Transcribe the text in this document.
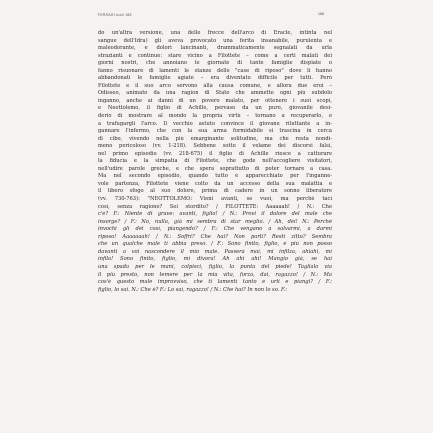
FERRARI.indd 188	188
do un'altra versione, una delle frecce dell'arco di Eracle, intinta nel
sangue dell'Idra) gli aveva provocato una ferita insanabile, purulenta e
maleodorante, e dolori lancinanti, drammaticamente segnalati da urla
strazianti e continue: stare vicino a Filottete – come a certi malati dei
giorni nostri, che annoiano le giornate di tante famiglie dispiate o
fanno risuonare di lamenti le stanze delle "case di riposo" dove li hanno
abbandonati le famiglie agiate – era diventato difficile per tutti. Però
Filottete e il suo arco servono alla causa comune, e allora due eroi –
Odisseo, animato da una ragion di Stato che ammette ogni più subdolo
inganno, anche ai danni di un povero malato, per ottenere i suoi scopi,
e Neottolemo, il figlio di Achille, pervaso da un puro, giovanile desi-
derio di mostrare al mondo la propria virtù – tornano a recuperarlo, e
a trafugargli l'arco. Il vecchio astuto convince il giovane riluttante a in-
gannare l'infermo, che con la sua arma formidabile si trascina in cerca
di cibo, vivendo nella più emarginante solitudine, ma che resta nondi-
meno pericoloso (vv. 1-218). Sebbene sotto il velame dei discorsi falsi,
nel primo episodio (vv. 218-675) il figlio di Achille riesce a catturare
la fiducia e la simpatia di Filottete, che gode nell'accogliere visitatori,
nell'udire parole greche, e che spera soprattutto di poter tornare a casa.
Ma nel secondo episodio, quando tutto è apparecchiato per l'inganne-
vole partenza, Filottete viene colto da un accesso della sua malattia e
il libero sfogo al suo dolore, prima di cadere in un sonno liberatore
(vv. 730-763): "NEOTTOLEMO: Vieni avanti, se vuoi, ma perché taci
così, senza ragione? Sei stordito? / FILOTTETE: Aaaaaah! / N.: Che
c'è? F.: Niente di grave: avanti, figlio! / N.: Provi il dolore del male che
insorge? / F.: No, nulla, già mi sembra di star meglio. / Ah, dèi! N.: Perché
invochi gli dèi così, piangendo? / F.: Che vengano a salvarmi, a darmi
riposo! Aaaaaaah! / N.: Soffri? Che hai? Non parli? Resti zitto? Sembra
che un qualche male ti abbia preso. / F.: Sono finito, figlio, e più non posso
davanti a voi nascondere il mio male. Passerà mai, mi infilza, ahiahi, mi
infila! Sono finito, figlio, mi divora! Ah ahi ahi! Mangio già, se hai
una spada per le mani, colpisci, figlio, la punta del piede! Taglialo via
il più presto, non temere per la mia vita, forza, dai, ragazzo! / N.: Ma
cos'è questo male improvviso, che ti lamenti tanto e urli e piangi? / F.:
figlio, lo sai. N.: Che è? F.: Lo sai, ragazzo! / N.: Che hai? In non lo so. F.:
